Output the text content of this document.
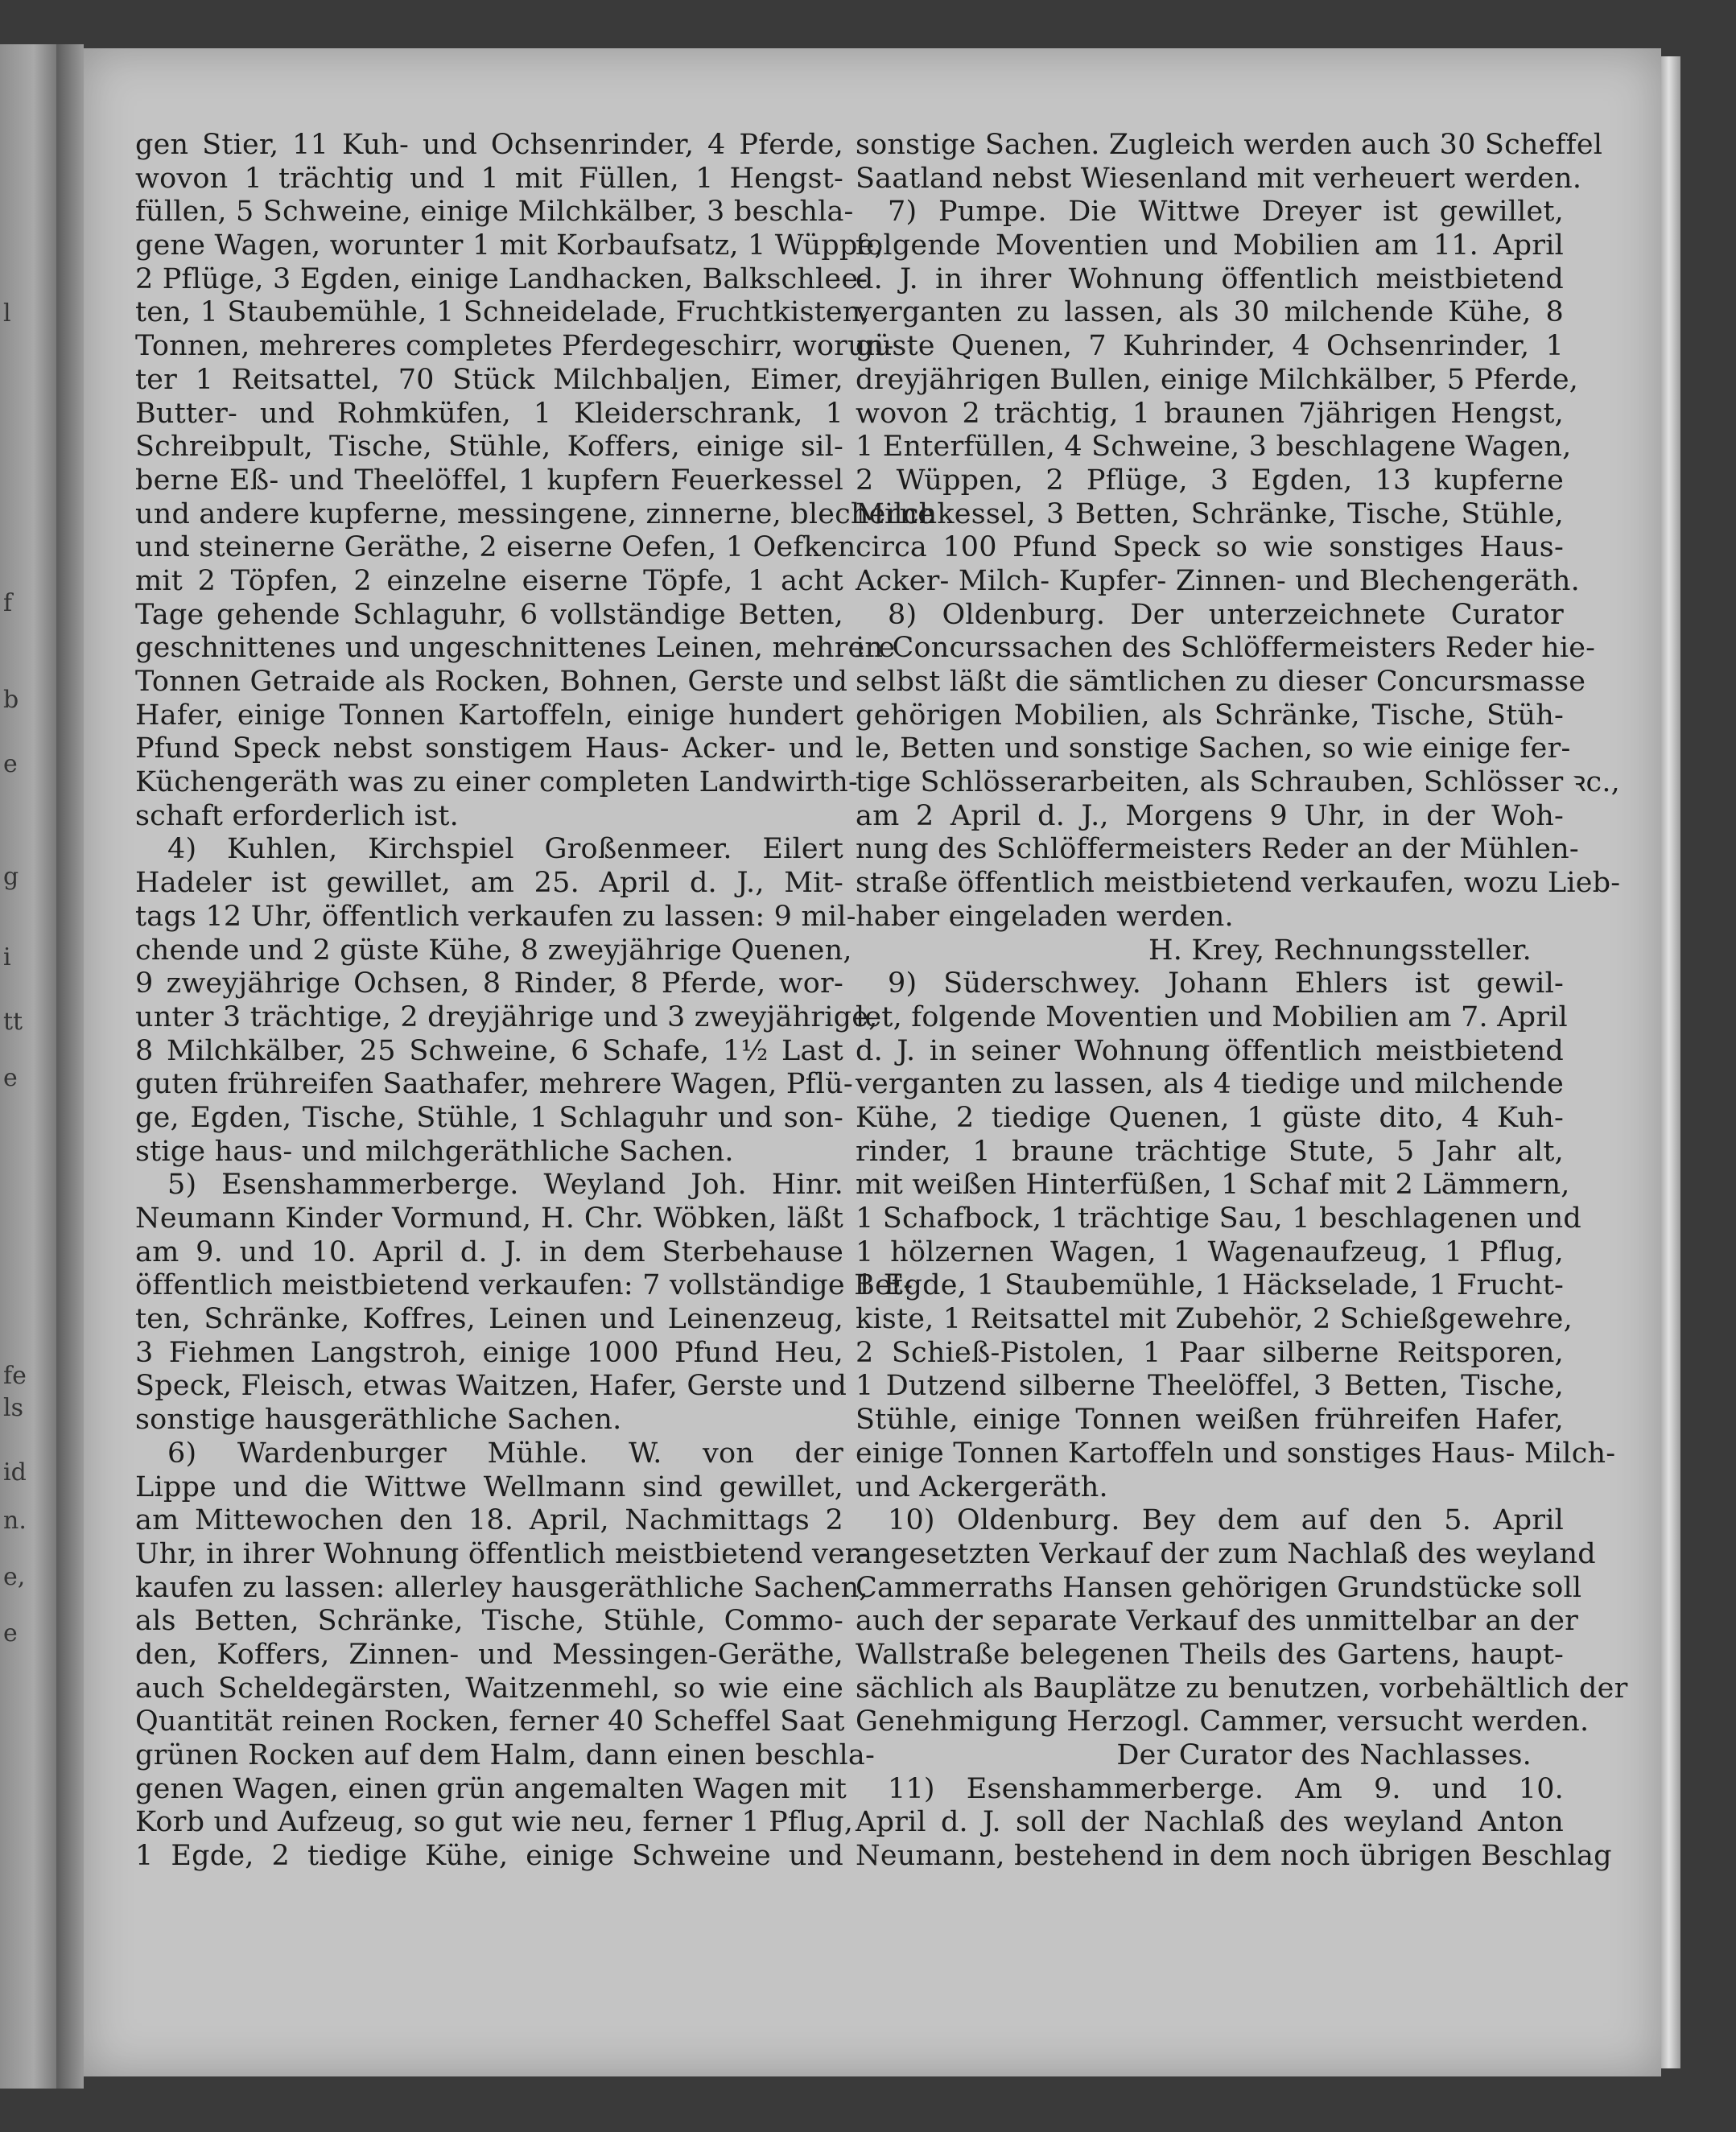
l
f
b
e
g
i
tt
e
fe
ls
id
n.
e,
e
gen Stier, 11 Kuh- und Ochsenrinder, 4 Pferde,
wovon 1 trächtig und 1 mit Füllen, 1 Hengst-
füllen, 5 Schweine, einige Milchkälber, 3 beschla-
gene Wagen, worunter 1 mit Korbaufsatz, 1 Wüppe,
2 Pflüge, 3 Egden, einige Landhacken, Balkschlee-
ten, 1 Staubemühle, 1 Schneidelade, Fruchtkisten,
Tonnen, mehreres completes Pferdegeschirr, worun-
ter 1 Reitsattel, 70 Stück Milchbaljen, Eimer,
Butter- und Rohmküfen, 1 Kleiderschrank, 1
Schreibpult, Tische, Stühle, Koffers, einige sil-
berne Eß- und Theelöffel, 1 kupfern Feuerkessel
und andere kupferne, messingene, zinnerne, blecherne
und steinerne Geräthe, 2 eiserne Oefen, 1 Oefken
mit 2 Töpfen, 2 einzelne eiserne Töpfe, 1 acht
Tage gehende Schlaguhr, 6 vollständige Betten,
geschnittenes und ungeschnittenes Leinen, mehrere
Tonnen Getraide als Rocken, Bohnen, Gerste und
Hafer, einige Tonnen Kartoffeln, einige hundert
Pfund Speck nebst sonstigem Haus- Acker- und
Küchengeräth was zu einer completen Landwirth-
schaft erforderlich ist.
4) Kuhlen, Kirchspiel Großenmeer. Eilert
Hadeler ist gewillet, am 25. April d. J., Mit-
tags 12 Uhr, öffentlich verkaufen zu lassen: 9 mil-
chende und 2 güste Kühe, 8 zweyjährige Quenen,
9 zweyjährige Ochsen, 8 Rinder, 8 Pferde, wor-
unter 3 trächtige, 2 dreyjährige und 3 zweyjährige,
8 Milchkälber, 25 Schweine, 6 Schafe, 1½ Last
guten frühreifen Saathafer, mehrere Wagen, Pflü-
ge, Egden, Tische, Stühle, 1 Schlaguhr und son-
stige haus- und milchgeräthliche Sachen.
5) Esenshammerberge. Weyland Joh. Hinr.
Neumann Kinder Vormund, H. Chr. Wöbken, läßt
am 9. und 10. April d. J. in dem Sterbehause
öffentlich meistbietend verkaufen: 7 vollständige Bet-
ten, Schränke, Koffres, Leinen und Leinenzeug,
3 Fiehmen Langstroh, einige 1000 Pfund Heu,
Speck, Fleisch, etwas Waitzen, Hafer, Gerste und
sonstige hausgeräthliche Sachen.
6) Wardenburger Mühle. W. von der
Lippe und die Wittwe Wellmann sind gewillet,
am Mittewochen den 18. April, Nachmittags 2
Uhr, in ihrer Wohnung öffentlich meistbietend ver-
kaufen zu lassen: allerley hausgeräthliche Sachen,
als Betten, Schränke, Tische, Stühle, Commo-
den, Koffers, Zinnen- und Messingen-Geräthe,
auch Scheldegärsten, Waitzenmehl, so wie eine
Quantität reinen Rocken, ferner 40 Scheffel Saat
grünen Rocken auf dem Halm, dann einen beschla-
genen Wagen, einen grün angemalten Wagen mit
Korb und Aufzeug, so gut wie neu, ferner 1 Pflug,
1 Egde, 2 tiedige Kühe, einige Schweine und
sonstige Sachen. Zugleich werden auch 30 Scheffel
Saatland nebst Wiesenland mit verheuert werden.
7) Pumpe. Die Wittwe Dreyer ist gewillet,
folgende Moventien und Mobilien am 11. April
d. J. in ihrer Wohnung öffentlich meistbietend
verganten zu lassen, als 30 milchende Kühe, 8
güste Quenen, 7 Kuhrinder, 4 Ochsenrinder, 1
dreyjährigen Bullen, einige Milchkälber, 5 Pferde,
wovon 2 trächtig, 1 braunen 7jährigen Hengst,
1 Enterfüllen, 4 Schweine, 3 beschlagene Wagen,
2 Wüppen, 2 Pflüge, 3 Egden, 13 kupferne
Milchkessel, 3 Betten, Schränke, Tische, Stühle,
circa 100 Pfund Speck so wie sonstiges Haus-
Acker- Milch- Kupfer- Zinnen- und Blechengeräth.
8) Oldenburg. Der unterzeichnete Curator
in Concurssachen des Schlöffermeisters Reder hie-
selbst läßt die sämtlichen zu dieser Concursmasse
gehörigen Mobilien, als Schränke, Tische, Stüh-
le, Betten und sonstige Sachen, so wie einige fer-
tige Schlösserarbeiten, als Schrauben, Schlösser ꝛc.,
am 2 April d. J., Morgens 9 Uhr, in der Woh-
nung des Schlöffermeisters Reder an der Mühlen-
straße öffentlich meistbietend verkaufen, wozu Lieb-
haber eingeladen werden.
H. Krey, Rechnungssteller.
9) Süderschwey. Johann Ehlers ist gewil-
let, folgende Moventien und Mobilien am 7. April
d. J. in seiner Wohnung öffentlich meistbietend
verganten zu lassen, als 4 tiedige und milchende
Kühe, 2 tiedige Quenen, 1 güste dito, 4 Kuh-
rinder, 1 braune trächtige Stute, 5 Jahr alt,
mit weißen Hinterfüßen, 1 Schaf mit 2 Lämmern,
1 Schafbock, 1 trächtige Sau, 1 beschlagenen und
1 hölzernen Wagen, 1 Wagenaufzeug, 1 Pflug,
1 Egde, 1 Staubemühle, 1 Häckselade, 1 Frucht-
kiste, 1 Reitsattel mit Zubehör, 2 Schießgewehre,
2 Schieß-Pistolen, 1 Paar silberne Reitsporen,
1 Dutzend silberne Theelöffel, 3 Betten, Tische,
Stühle, einige Tonnen weißen frühreifen Hafer,
einige Tonnen Kartoffeln und sonstiges Haus- Milch-
und Ackergeräth.
10) Oldenburg. Bey dem auf den 5. April
angesetzten Verkauf der zum Nachlaß des weyland
Cammerraths Hansen gehörigen Grundstücke soll
auch der separate Verkauf des unmittelbar an der
Wallstraße belegenen Theils des Gartens, haupt-
sächlich als Bauplätze zu benutzen, vorbehältlich der
Genehmigung Herzogl. Cammer, versucht werden.
Der Curator des Nachlasses.
11) Esenshammerberge. Am 9. und 10.
April d. J. soll der Nachlaß des weyland Anton
Neumann, bestehend in dem noch übrigen Beschlag
